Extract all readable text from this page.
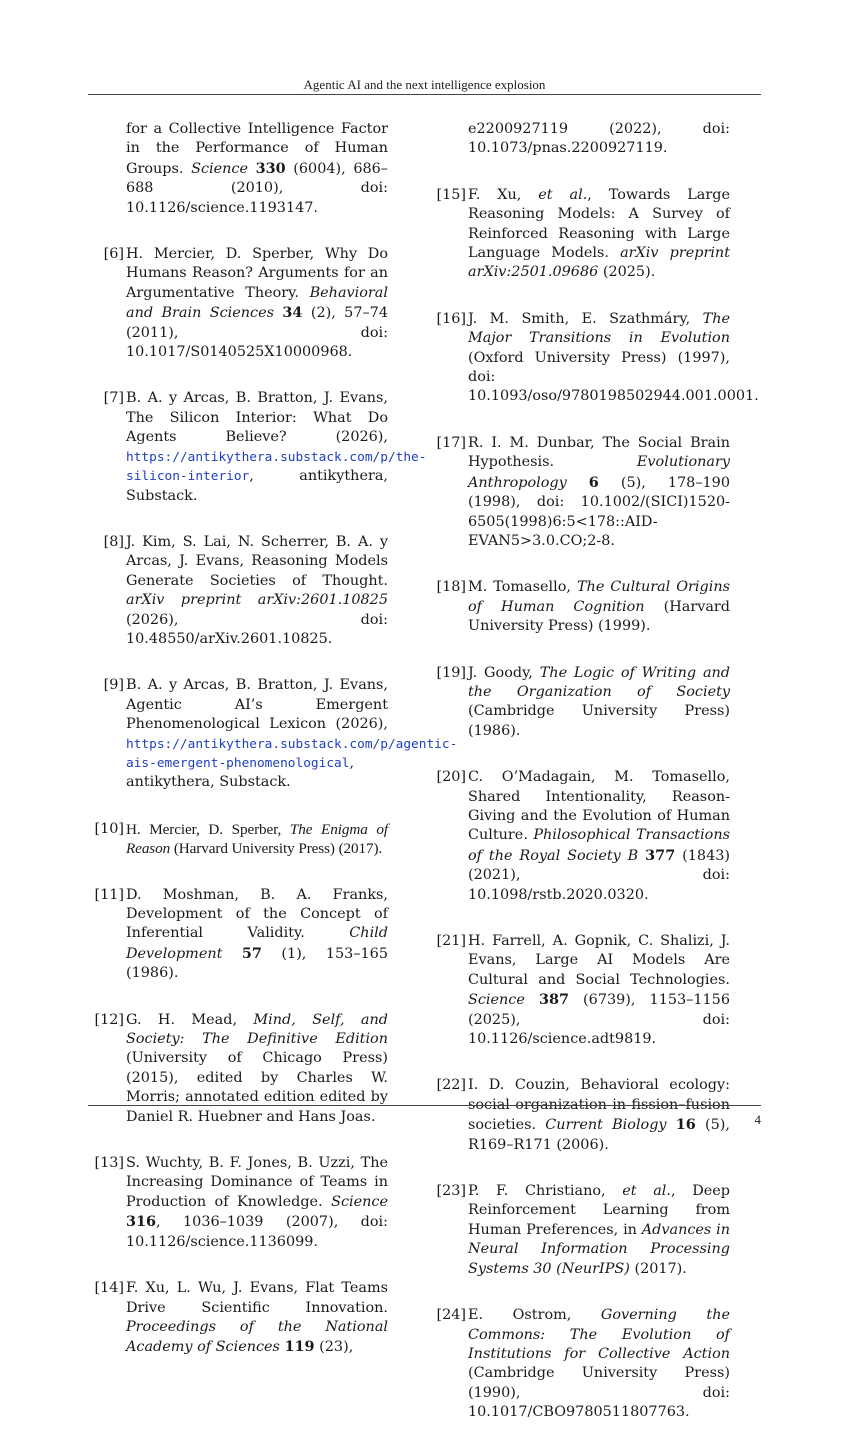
Agentic AI and the next intelligence explosion
for a Collective Intelligence Factor in the Performance of Human Groups. Science 330 (6004), 686–688 (2010), doi: 10.1126/science.1193147.
[6] H. Mercier, D. Sperber, Why Do Humans Reason? Arguments for an Argumentative Theory. Behavioral and Brain Sciences 34 (2), 57–74 (2011), doi: 10.1017/S0140525X10000968.
[7] B. A. y Arcas, B. Bratton, J. Evans, The Silicon Interior: What Do Agents Believe? (2026), https://antikythera.substack.com/p/the-silicon-interior, antikythera, Substack.
[8] J. Kim, S. Lai, N. Scherrer, B. A. y Arcas, J. Evans, Reasoning Models Generate Societies of Thought. arXiv preprint arXiv:2601.10825 (2026), doi: 10.48550/arXiv.2601.10825.
[9] B. A. y Arcas, B. Bratton, J. Evans, Agentic AI’s Emergent Phenomenological Lexicon (2026), https://antikythera.substack.com/p/agentic-ais-emergent-phenomenological, antikythera, Substack.
[10] H. Mercier, D. Sperber, The Enigma of Reason (Harvard University Press) (2017).
[11] D. Moshman, B. A. Franks, Development of the Concept of Inferential Validity. Child Development 57 (1), 153–165 (1986).
[12] G. H. Mead, Mind, Self, and Society: The Definitive Edition (University of Chicago Press) (2015), edited by Charles W. Morris; annotated edition edited by Daniel R. Huebner and Hans Joas.
[13] S. Wuchty, B. F. Jones, B. Uzzi, The Increasing Dominance of Teams in Production of Knowledge. Science 316, 1036–1039 (2007), doi: 10.1126/science.1136099.
[14] F. Xu, L. Wu, J. Evans, Flat Teams Drive Scientific Innovation. Proceedings of the National Academy of Sciences 119 (23),
e2200927119 (2022), doi: 10.1073/pnas.2200927119.
[15] F. Xu, et al., Towards Large Reasoning Models: A Survey of Reinforced Reasoning with Large Language Models. arXiv preprint arXiv:2501.09686 (2025).
[16] J. M. Smith, E. Szathmáry, The Major Transitions in Evolution (Oxford University Press) (1997), doi: 10.1093/oso/9780198502944.001.0001.
[17] R. I. M. Dunbar, The Social Brain Hypothesis. Evolutionary Anthropology 6 (5), 178–190 (1998), doi: 10.1002/(SICI)1520-6505(1998)6:5<178::AID-EVAN5>3.0.CO;2-8.
[18] M. Tomasello, The Cultural Origins of Human Cognition (Harvard University Press) (1999).
[19] J. Goody, The Logic of Writing and the Organization of Society (Cambridge University Press) (1986).
[20] C. O’Madagain, M. Tomasello, Shared Intentionality, Reason-Giving and the Evolution of Human Culture. Philosophical Transactions of the Royal Society B 377 (1843) (2021), doi: 10.1098/rstb.2020.0320.
[21] H. Farrell, A. Gopnik, C. Shalizi, J. Evans, Large AI Models Are Cultural and Social Technologies. Science 387 (6739), 1153–1156 (2025), doi: 10.1126/science.adt9819.
[22] I. D. Couzin, Behavioral ecology: social organization in fission–fusion societies. Current Biology 16 (5), R169–R171 (2006).
[23] P. F. Christiano, et al., Deep Reinforcement Learning from Human Preferences, in Advances in Neural Information Processing Systems 30 (NeurIPS) (2017).
[24] E. Ostrom, Governing the Commons: The Evolution of Institutions for Collective Action (Cambridge University Press) (1990), doi: 10.1017/CBO9780511807763.
4
